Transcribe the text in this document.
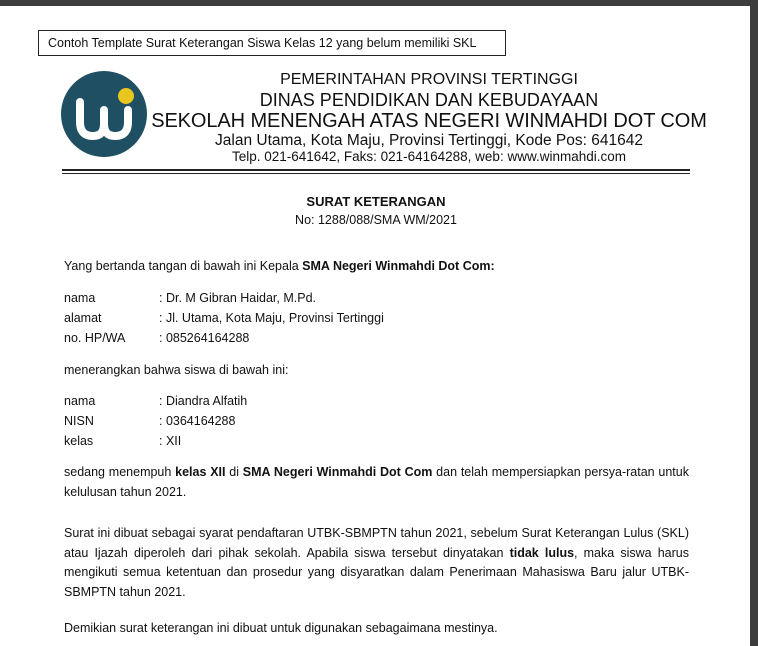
Contoh Template Surat Keterangan Siswa Kelas 12 yang belum memiliki SKL
PEMERINTAHAN PROVINSI TERTINGGI
DINAS PENDIDIKAN DAN KEBUDAYAAN
SEKOLAH MENENGAH ATAS NEGERI WINMAHDI DOT COM
Jalan Utama, Kota Maju, Provinsi Tertinggi, Kode Pos: 641642
Telp. 021-641642, Faks: 021-64164288, web: www.winmahdi.com
SURAT KETERANGAN
No: 1288/088/SMA WM/2021
Yang bertanda tangan di bawah ini Kepala SMA Negeri Winmahdi Dot Com:
nama	: Dr. M Gibran Haidar, M.Pd.
alamat	: Jl. Utama, Kota Maju, Provinsi Tertinggi
no. HP/WA	: 085264164288
menerangkan bahwa siswa di bawah ini:
nama	: Diandra Alfatih
NISN	: 0364164288
kelas	: XII
sedang menempuh kelas XII di SMA Negeri Winmahdi Dot Com dan telah mempersiapkan persya-ratan untuk kelulusan tahun 2021.
Surat ini dibuat sebagai syarat pendaftaran UTBK-SBMPTN tahun 2021, sebelum Surat Keterangan Lulus (SKL) atau Ijazah diperoleh dari pihak sekolah. Apabila siswa tersebut dinyatakan tidak lulus, maka siswa harus mengikuti semua ketentuan dan prosedur yang disyaratkan dalam Penerimaan Mahasiswa Baru jalur UTBK-SBMPTN tahun 2021.
Demikian surat keterangan ini dibuat untuk digunakan sebagaimana mestinya.
